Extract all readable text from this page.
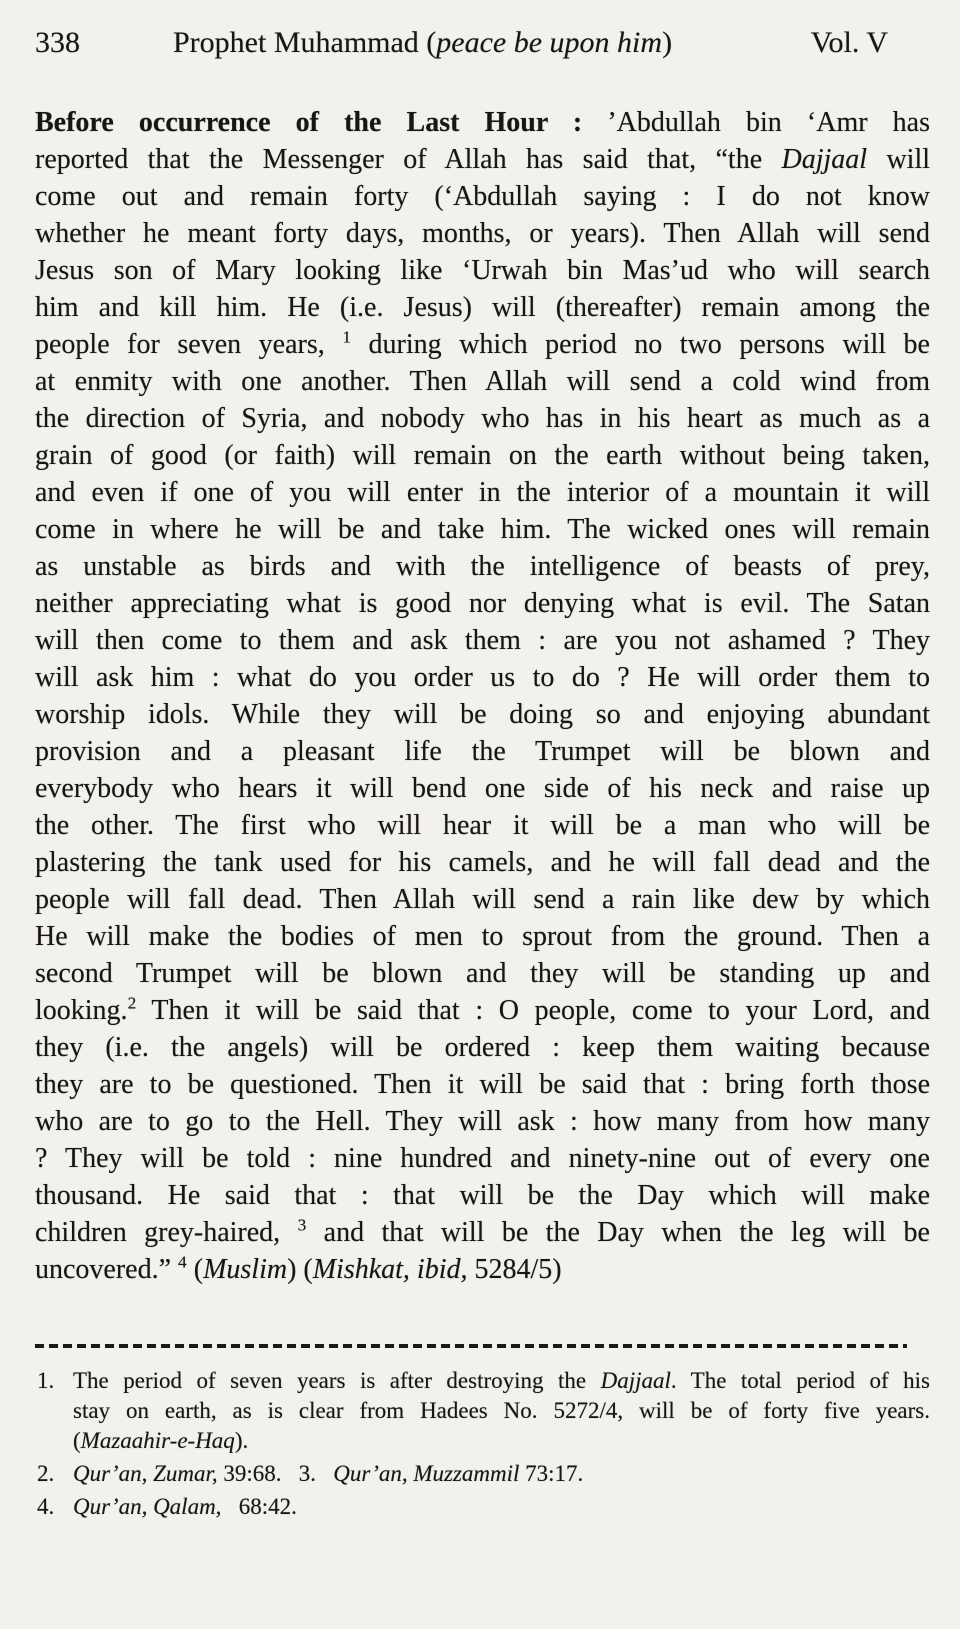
338	Prophet Muhammad (peace be upon him)	Vol. V
Before occurrence of the Last Hour : ’Abdullah bin ‘Amr has
reported that the Messenger of Allah has said that, “the Dajjaal will
come out and remain forty (‘Abdullah saying : I do not know
whether he meant forty days, months, or years). Then Allah will send
Jesus son of Mary looking like ‘Urwah bin Mas’ud who will search
him and kill him. He (i.e. Jesus) will (thereafter) remain among the
people for seven years, $^1$ during which period no two persons will be
at enmity with one another. Then Allah will send a cold wind from
the direction of Syria, and nobody who has in his heart as much as a
grain of good (or faith) will remain on the earth without being taken,
and even if one of you will enter in the interior of a mountain it will
come in where he will be and take him. The wicked ones will remain
as unstable as birds and with the intelligence of beasts of prey,
neither appreciating what is good nor denying what is evil. The Satan
will then come to them and ask them : are you not ashamed ? They
will ask him : what do you order us to do ? He will order them to
worship idols. While they will be doing so and enjoying abundant
provision and a pleasant life the Trumpet will be blown and
everybody who hears it will bend one side of his neck and raise up
the other. The first who will hear it will be a man who will be
plastering the tank used for his camels, and he will fall dead and the
people will fall dead. Then Allah will send a rain like dew by which
He will make the bodies of men to sprout from the ground. Then a
second Trumpet will be blown and they will be standing up and
looking.$^2$ Then it will be said that : O people, come to your Lord, and
they (i.e. the angels) will be ordered : keep them waiting because
they are to be questioned. Then it will be said that : bring forth those
who are to go to the Hell. They will ask : how many from how many
? They will be told : nine hundred and ninety-nine out of every one
thousand. He said that : that will be the Day which will make
children grey-haired, $^3$ and that will be the Day when the leg will be
uncovered.” $^4$ (Muslim) (Mishkat, ibid, 5284/5)
1. The period of seven years is after destroying the Dajjaal. The total period of his
stay on earth, as is clear from Hadees No. 5272/4, will be of forty five years.
(Mazaahir-e-Haq).
2. Qur’an, Zumar, 39:68.  3.  Qur’an, Muzzammil 73:17.
4. Qur’an, Qalam,  68:42.
